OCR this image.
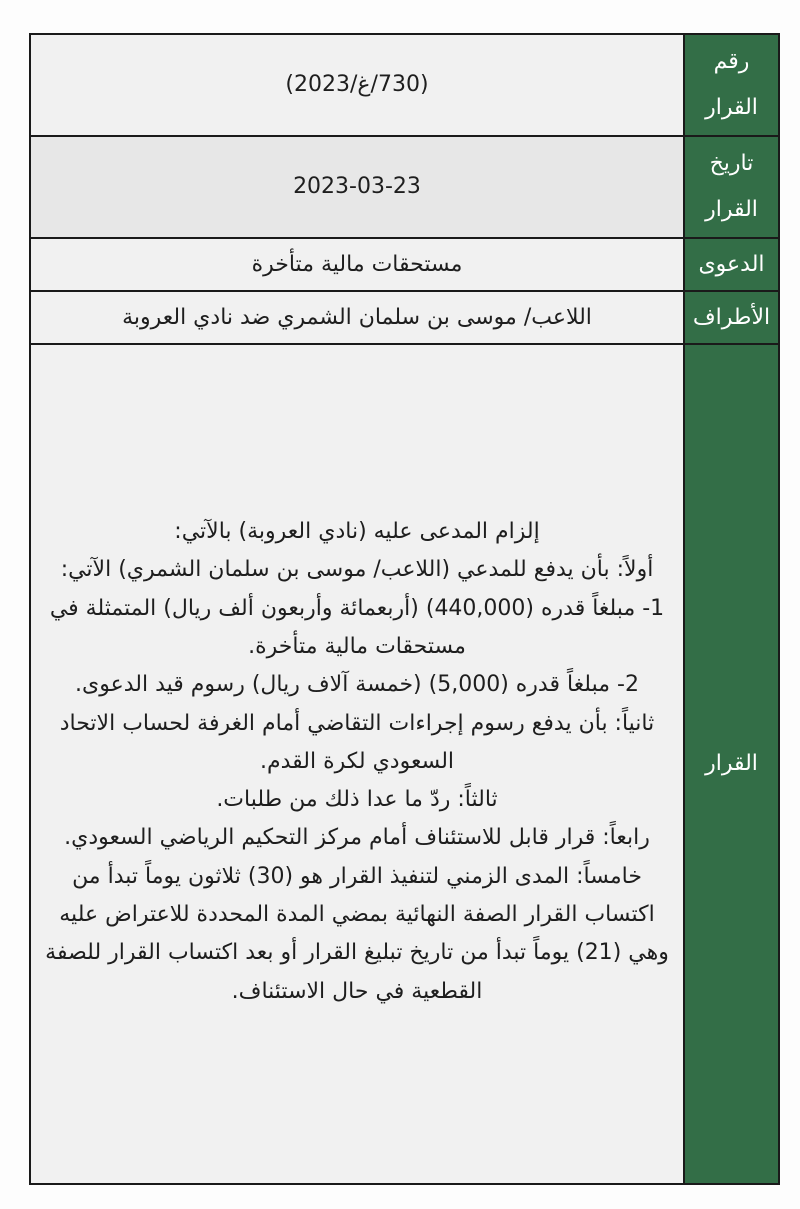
رقم
القرار	(730/غ/2023)

تاريخ
القرار	2023-03-23

الدعوى	مستحقات مالية متأخرة

الأطراف	اللاعب/ موسى بن سلمان الشمري ضد نادي العروبة

القرار

إلزام المدعى عليه (نادي العروبة) بالآتي:

أولاً: بأن يدفع للمدعي (اللاعب/ موسى بن سلمان الشمري) الآتي:

1- مبلغاً قدره (440,000) (أربعمائة وأربعون ألف ريال) المتمثلة في مستحقات مالية متأخرة.

2- مبلغاً قدره (5,000) (خمسة آلاف ريال) رسوم قيد الدعوى.

ثانياً: بأن يدفع رسوم إجراءات التقاضي أمام الغرفة لحساب الاتحاد السعودي لكرة القدم.

ثالثاً: ردّ ما عدا ذلك من طلبات.

رابعاً: قرار قابل للاستئناف أمام مركز التحكيم الرياضي السعودي.

خامساً: المدى الزمني لتنفيذ القرار هو (30) ثلاثون يوماً تبدأ من اكتساب القرار الصفة النهائية بمضي المدة المحددة للاعتراض عليه وهي (21) يوماً تبدأ من تاريخ تبليغ القرار أو بعد اكتساب القرار للصفة القطعية في حال الاستئناف.
